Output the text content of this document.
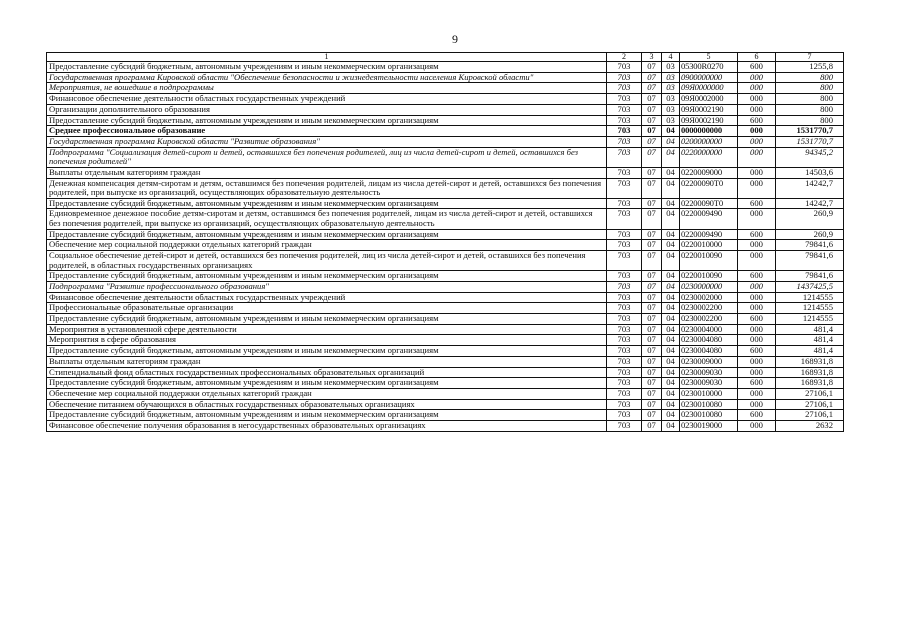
9
1	2	3	4	5	6	7
Предоставление субсидий бюджетным, автономным учреждениям и иным некоммерческим организациям	703	07	03	05300R0270	600	1255,8
Государственная программа Кировской области "Обеспечение безопасности и жизнедеятельности населения Кировской области"	703	07	03	0900000000	000	800
Мероприятия, не вошедшие в подпрограммы	703	07	03	09Я0000000	000	800
Финансовое обеспечение деятельности областных государственных учреждений	703	07	03	09Я0002000	000	800
Организации дополнительного образования	703	07	03	09Я0002190	000	800
Предоставление субсидий бюджетным, автономным учреждениям и иным некоммерческим организациям	703	07	03	09Я0002190	600	800
Среднее профессиональное образование	703	07	04	0000000000	000	1531770,7
Государственная программа Кировской области "Развитие образования"	703	07	04	0200000000	000	1531770,7
Подпрограмма "Социализация детей-сирот и детей, оставшихся без попечения родителей, лиц из числа детей-сирот и детей, оставшихся без попечения родителей"	703	07	04	0220000000	000	94345,2
Выплаты отдельным категориям граждан	703	07	04	0220009000	000	14503,6
Денежная компенсация детям-сиротам и детям, оставшимся без попечения родителей, лицам из числа детей-сирот и детей, оставшихся без попечения родителей, при выпуске из организаций, осуществляющих образовательную деятельность	703	07	04	02200090T0	000	14242,7
Предоставление субсидий бюджетным, автономным учреждениям и иным некоммерческим организациям	703	07	04	02200090T0	600	14242,7
Единовременное денежное пособие детям-сиротам и детям, оставшимся без попечения родителей, лицам из числа детей-сирот и детей, оставшихся без попечения родителей, при выпуске из организаций, осуществляющих образовательную деятельность	703	07	04	0220009490	000	260,9
Предоставление субсидий бюджетным, автономным учреждениям и иным некоммерческим организациям	703	07	04	0220009490	600	260,9
Обеспечение мер социальной поддержки отдельных категорий граждан	703	07	04	0220010000	000	79841,6
Социальное обеспечение детей-сирот и детей, оставшихся без попечения родителей, лиц из числа детей-сирот и детей, оставшихся без попечения родителей, в областных государственных организациях	703	07	04	0220010090	000	79841,6
Предоставление субсидий бюджетным, автономным учреждениям и иным некоммерческим организациям	703	07	04	0220010090	600	79841,6
Подпрограмма "Развитие профессионального образования"	703	07	04	0230000000	000	1437425,5
Финансовое обеспечение деятельности областных государственных учреждений	703	07	04	0230002000	000	1214555
Профессиональные образовательные организации	703	07	04	0230002200	000	1214555
Предоставление субсидий бюджетным, автономным учреждениям и иным некоммерческим организациям	703	07	04	0230002200	600	1214555
Мероприятия в установленной сфере деятельности	703	07	04	0230004000	000	481,4
Мероприятия в сфере образования	703	07	04	0230004080	000	481,4
Предоставление субсидий бюджетным, автономным учреждениям и иным некоммерческим организациям	703	07	04	0230004080	600	481,4
Выплаты отдельным категориям граждан	703	07	04	0230009000	000	168931,8
Стипендиальный фонд областных государственных профессиональных образовательных организаций	703	07	04	0230009030	000	168931,8
Предоставление субсидий бюджетным, автономным учреждениям и иным некоммерческим организациям	703	07	04	0230009030	600	168931,8
Обеспечение мер социальной поддержки отдельных категорий граждан	703	07	04	0230010000	000	27106,1
Обеспечение питанием обучающихся в областных государственных образовательных организациях	703	07	04	0230010080	000	27106,1
Предоставление субсидий бюджетным, автономным учреждениям и иным некоммерческим организациям	703	07	04	0230010080	600	27106,1
Финансовое обеспечение получения образования в негосударственных образовательных организациях	703	07	04	0230019000	000	2632
